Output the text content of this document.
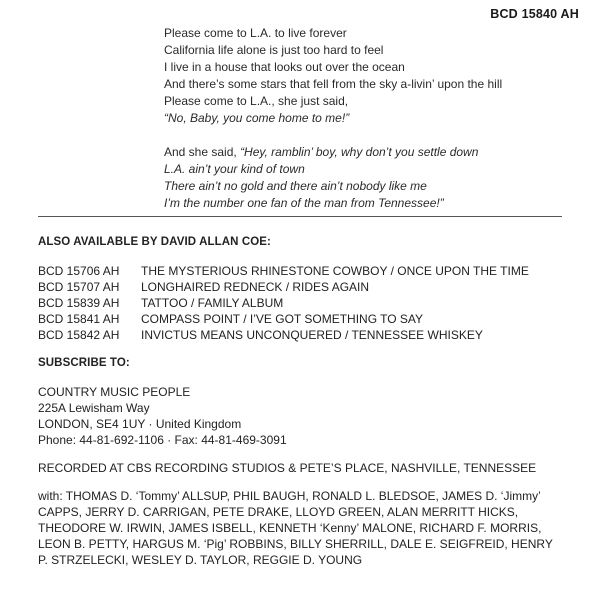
BCD 15840 AH
Please come to L.A. to live forever
California life alone is just too hard to feel
I live in a house that looks out over the ocean
And there’s some stars that fell from the sky a-livin’ upon the hill
Please come to L.A., she just said,
“No, Baby, you come home to me!”
And she said, “Hey, ramblin’ boy, why don’t you settle down
L.A. ain’t your kind of town
There ain’t no gold and there ain’t nobody like me
I’m the number one fan of the man from Tennessee!”
ALSO AVAILABLE BY DAVID ALLAN COE:
BCD 15706 AH	THE MYSTERIOUS RHINESTONE COWBOY / ONCE UPON THE TIME
BCD 15707 AH	LONGHAIRED REDNECK / RIDES AGAIN
BCD 15839 AH	TATTOO / FAMILY ALBUM
BCD 15841 AH	COMPASS POINT / I’VE GOT SOMETHING TO SAY
BCD 15842 AH	INVICTUS MEANS UNCONQUERED / TENNESSEE WHISKEY
SUBSCRIBE TO:
COUNTRY MUSIC PEOPLE
225A Lewisham Way
LONDON, SE4 1UY · United Kingdom
Phone: 44-81-692-1106 · Fax: 44-81-469-3091
RECORDED AT CBS RECORDING STUDIOS & PETE’S PLACE, NASHVILLE, TENNESSEE
with: THOMAS D. ‘Tommy’ ALLSUP, PHIL BAUGH, RONALD L. BLEDSOE, JAMES D. ‘Jimmy’ CAPPS, JERRY D. CARRIGAN, PETE DRAKE, LLOYD GREEN, ALAN MERRITT HICKS, THEODORE W. IRWIN, JAMES ISBELL, KENNETH ‘Kenny’ MALONE, RICHARD F. MORRIS, LEON B. PETTY, HARGUS M. ‘Pig’ ROBBINS, BILLY SHERRILL, DALE E. SEIGFREID, HENRY P. STRZELECKI, WESLEY D. TAYLOR, REGGIE D. YOUNG
